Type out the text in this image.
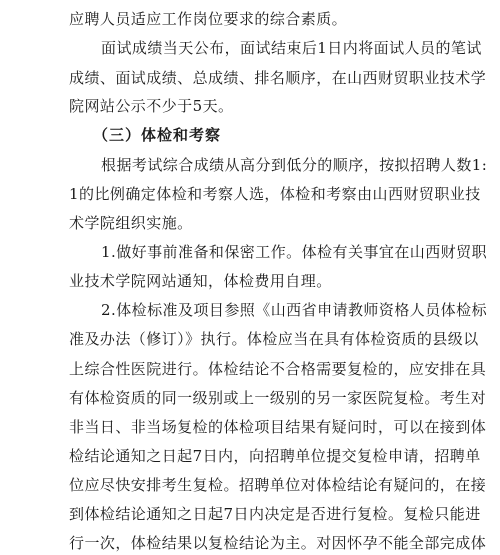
应聘人员适应工作岗位要求的综合素质。
面试成绩当天公布，面试结束后1日内将面试人员的笔试
成绩、面试成绩、总成绩、排名顺序，在山西财贸职业技术学
院网站公示不少于5天。
（三）体检和考察
根据考试综合成绩从高分到低分的顺序，按拟招聘人数1:
1的比例确定体检和考察人选，体检和考察由山西财贸职业技
术学院组织实施。
1.做好事前准备和保密工作。体检有关事宜在山西财贸职
业技术学院网站通知，体检费用自理。
2.体检标准及项目参照《山西省申请教师资格人员体检标
准及办法（修订）》执行。体检应当在具有体检资质的县级以
上综合性医院进行。体检结论不合格需要复检的，应安排在具
有体检资质的同一级别或上一级别的另一家医院复检。考生对
非当日、非当场复检的体检项目结果有疑问时，可以在接到体
检结论通知之日起7日内，向招聘单位提交复检申请，招聘单
位应尽快安排考生复检。招聘单位对体检结论有疑问的，在接
到体检结论通知之日起7日内决定是否进行复检。复检只能进
行一次，体检结果以复检结论为主。对因怀孕不能全部完成体
